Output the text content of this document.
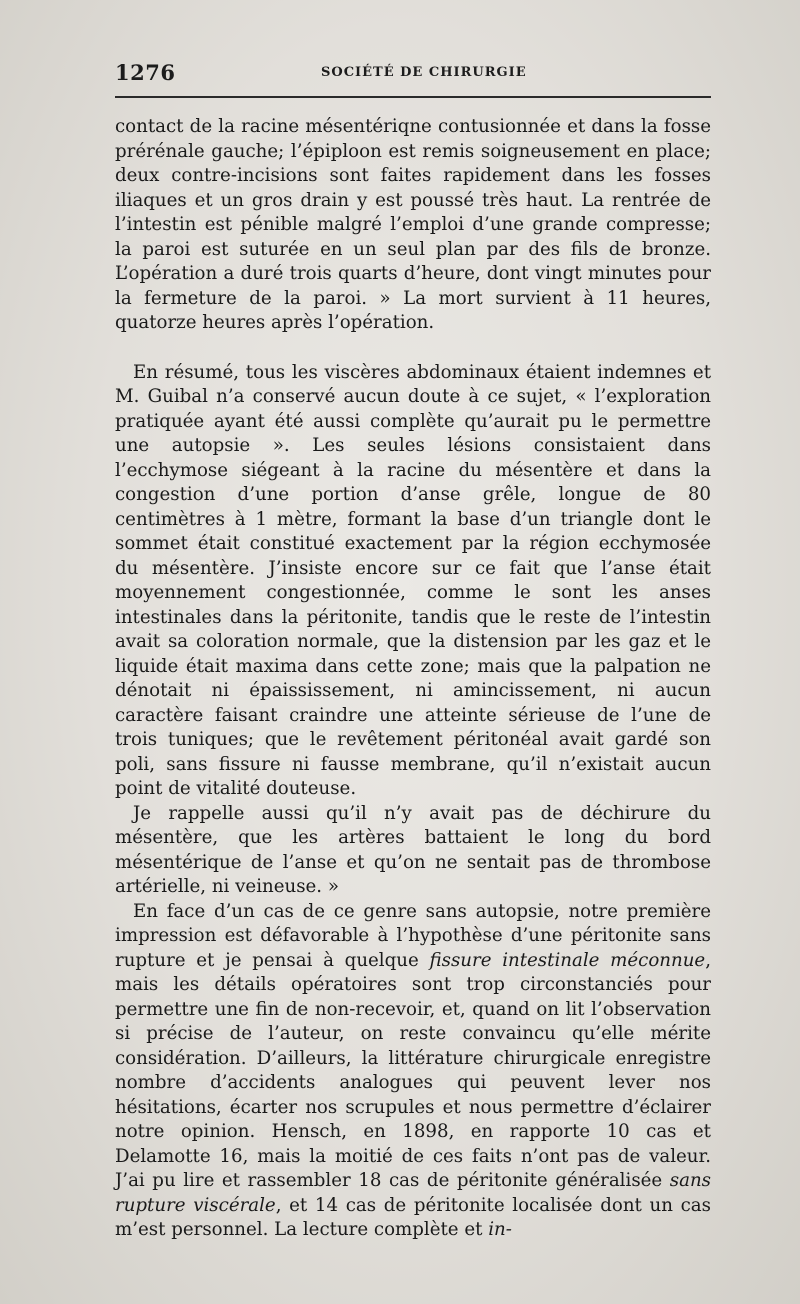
1276	SOCIÉTÉ DE CHIRURGIE

contact de la racine mésentériqne contusionnée et dans la fosse prérénale gauche; l’épiploon est remis soigneusement en place; deux contre-incisions sont faites rapidement dans les fosses iliaques et un gros drain y est poussé très haut. La rentrée de l’intestin est pénible malgré l’emploi d’une grande compresse; la paroi est suturée en un seul plan par des fils de bronze. L’opération a duré trois quarts d’heure, dont vingt minutes pour la fermeture de la paroi. » La mort survient à 11 heures, quatorze heures après l’opération.

En résumé, tous les viscères abdominaux étaient indemnes et M. Guibal n’a conservé aucun doute à ce sujet, « l’exploration pratiquée ayant été aussi complète qu’aurait pu le permettre une autopsie ». Les seules lésions consistaient dans l’ecchymose siégeant à la racine du mésentère et dans la congestion d’une portion d’anse grêle, longue de 80 centimètres à 1 mètre, formant la base d’un triangle dont le sommet était constitué exactement par la région ecchymosée du mésentère. J’insiste encore sur ce fait que l’anse était moyennement congestionnée, comme le sont les anses intestinales dans la péritonite, tandis que le reste de l’intestin avait sa coloration normale, que la distension par les gaz et le liquide était maxima dans cette zone; mais que la palpation ne dénotait ni épaississement, ni amincissement, ni aucun caractère faisant craindre une atteinte sérieuse de l’une de trois tuniques; que le revêtement péritonéal avait gardé son poli, sans fissure ni fausse membrane, qu’il n’existait aucun point de vitalité douteuse.

Je rappelle aussi qu’il n’y avait pas de déchirure du mésentère, que les artères battaient le long du bord mésentérique de l’anse et qu’on ne sentait pas de thrombose artérielle, ni veineuse. »

En face d’un cas de ce genre sans autopsie, notre première impression est défavorable à l’hypothèse d’une péritonite sans rupture et je pensai à quelque fissure intestinale méconnue, mais les détails opératoires sont trop circonstanciés pour permettre une fin de non-recevoir, et, quand on lit l’observation si précise de l’auteur, on reste convaincu qu’elle mérite considération. D’ailleurs, la littérature chirurgicale enregistre nombre d’accidents analogues qui peuvent lever nos hésitations, écarter nos scrupules et nous permettre d’éclairer notre opinion. Hensch, en 1898, en rapporte 10 cas et Delamotte 16, mais la moitié de ces faits n’ont pas de valeur. J’ai pu lire et rassembler 18 cas de péritonite généralisée sans rupture viscérale, et 14 cas de péritonite localisée dont un cas m’est personnel. La lecture complète et in-
